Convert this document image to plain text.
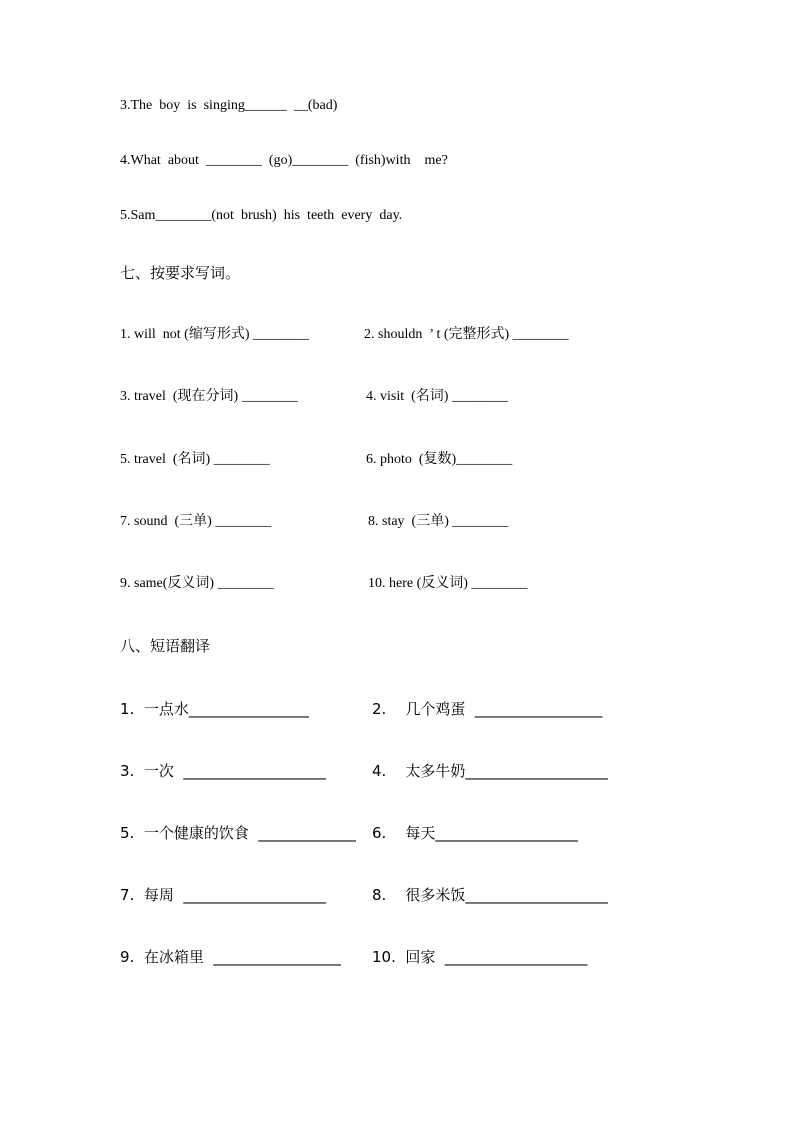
3.The  boy  is  singing______  __(bad)
4.What  about  ________  (go)________  (fish)with    me?
5.Sam________(not  brush)  his  teeth  every  day.
七、按要求写词。
1. will  not (缩写形式) ________	2. shouldn  ’ t (完整形式) ________
3. travel  (现在分词) ________	4. visit  (名词) ________
5. travel  (名词) ________	6. photo  (复数)________
7. sound  (三单) ________	8. stay  (三单) ________
9. same(反义词) ________	10. here (反义词) ________
八、短语翻译
1.  一点水________________	2.    几个鸡蛋  _________________
3.  一次  ___________________	4.    太多牛奶___________________
5.  一个健康的饮食  _____________ 6.    每天___________________
7.  每周  ___________________	8.    很多米饭___________________
9.  在冰箱里  _________________ 10.  回家  ___________________
